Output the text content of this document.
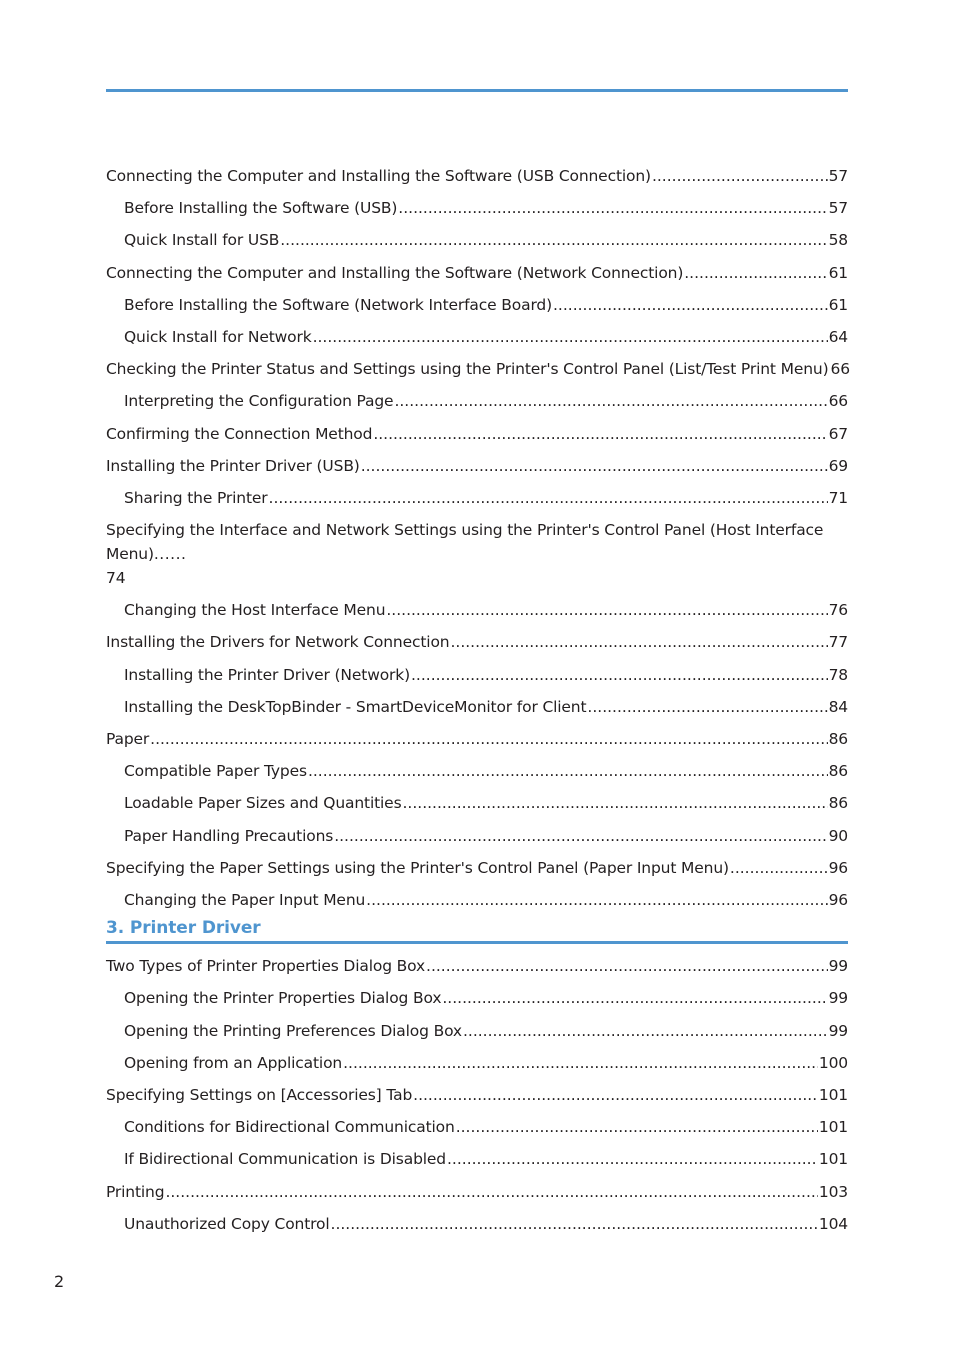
Connecting the Computer and Installing the Software (USB Connection) .....	57
Before Installing the Software (USB) .....	57
Quick Install for USB .....	58
Connecting the Computer and Installing the Software (Network Connection) .....	61
Before Installing the Software (Network Interface Board) .....	61
Quick Install for Network .....	64
Checking the Printer Status and Settings using the Printer's Control Panel (List/Test Print Menu) 66
Interpreting the Configuration Page .....	66
Confirming the Connection Method .....	67
Installing the Printer Driver (USB) .....	69
Sharing the Printer .....	71
Specifying the Interface and Network Settings using the Printer's Control Panel (Host Interface Menu)......
74
Changing the Host Interface Menu .....	76
Installing the Drivers for Network Connection .....	77
Installing the Printer Driver (Network) .....	78
Installing the DeskTopBinder - SmartDeviceMonitor for Client .....	84
Paper .....	86
Compatible Paper Types .....	86
Loadable Paper Sizes and Quantities .....	86
Paper Handling Precautions .....	90
Specifying the Paper Settings using the Printer's Control Panel (Paper Input Menu) .....	96
Changing the Paper Input Menu .....	96
3. Printer Driver
Two Types of Printer Properties Dialog Box .....	99
Opening the Printer Properties Dialog Box .....	99
Opening the Printing Preferences Dialog Box .....	99
Opening from an Application .....	100
Specifying Settings on [Accessories] Tab .....	101
Conditions for Bidirectional Communication .....	101
If Bidirectional Communication is Disabled .....	101
Printing .....	103
Unauthorized Copy Control .....	104
2
